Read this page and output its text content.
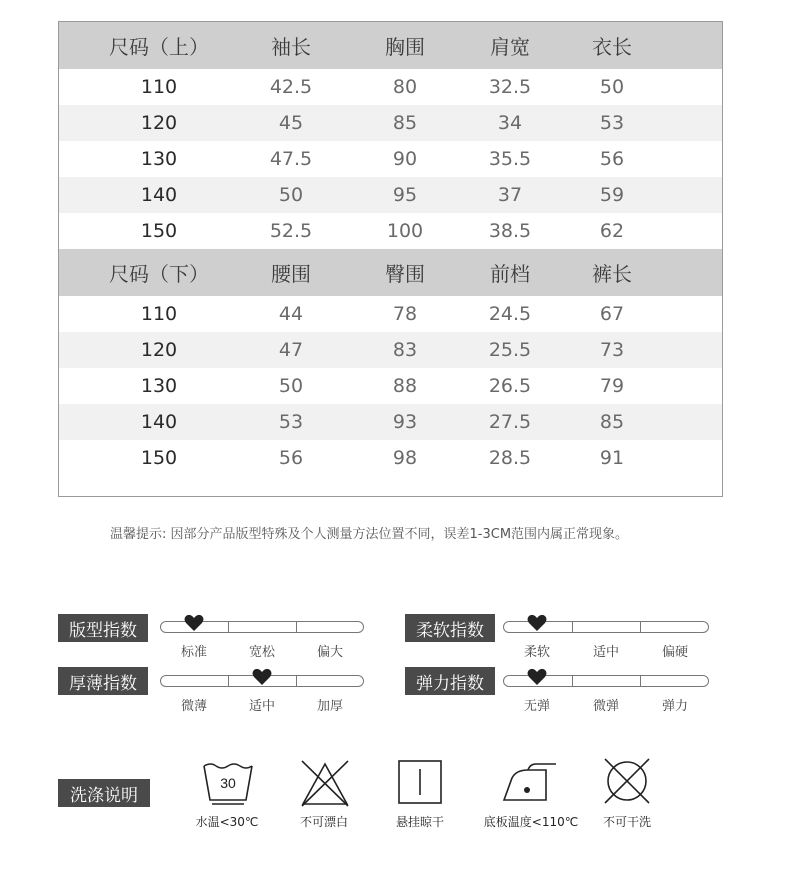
尺码（上）	袖长	胸围	肩宽	衣长
110	42.5	80	32.5	50
120	45	85	34	53
130	47.5	90	35.5	56
140	50	95	37	59
150	52.5	100	38.5	62
尺码（下）	腰围	臀围	前档	裤长
110	44	78	24.5	67
120	47	83	25.5	73
130	50	88	26.5	79
140	53	93	27.5	85
150	56	98	28.5	91
温馨提示: 因部分产品版型特殊及个人测量方法位置不同，误差1-3CM范围内属正常现象。
版型指数
标准	宽松	偏大
柔软指数
柔软	适中	偏硬
厚薄指数
微薄	适中	加厚
弹力指数
无弹	微弹	弹力
洗涤说明
30
水温<30℃	不可漂白	悬挂晾干	底板温度<110℃ 不可干洗
